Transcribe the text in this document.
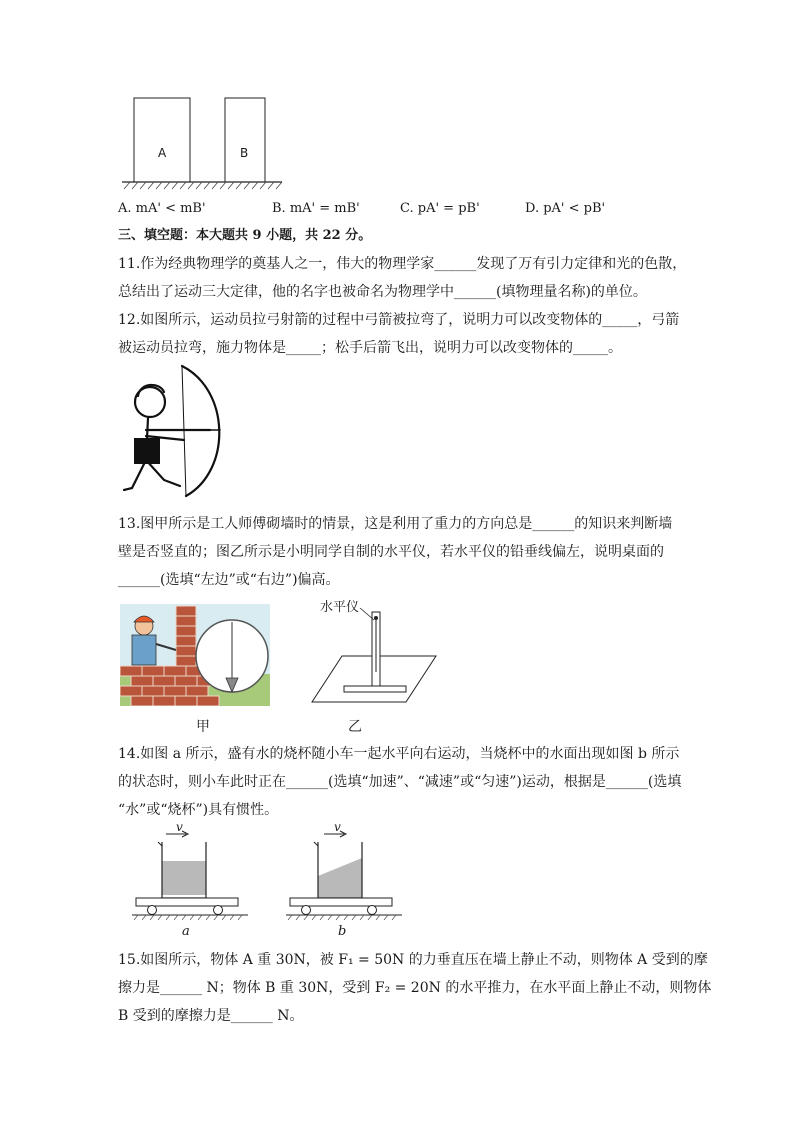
A	B
A. mA' < mB'	B. mA' = mB'	C. pA' = pB'	D. pA' < pB'
三、填空题：本大题共 9 小题，共 22 分。
11.作为经典物理学的奠基人之一，伟大的物理学家______发现了万有引力定律和光的色散，
总结出了运动三大定律，他的名字也被命名为物理学中______(填物理量名称)的单位。
12.如图所示，运动员拉弓射箭的过程中弓箭被拉弯了，说明力可以改变物体的_____，弓箭
被运动员拉弯，施力物体是_____；松手后箭飞出，说明力可以改变物体的_____。
13.图甲所示是工人师傅砌墙时的情景，这是利用了重力的方向总是______的知识来判断墙
壁是否竖直的；图乙所示是小明同学自制的水平仪，若水平仪的铅垂线偏左，说明桌面的
______(选填“左边”或“右边”)偏高。
甲
水平仪
乙
14.如图 a 所示，盛有水的烧杯随小车一起水平向右运动，当烧杯中的水面出现如图 b 所示
的状态时，则小车此时正在______(选填“加速”、“减速”或“匀速”)运动，根据是______(选填
“水”或“烧杯”)具有惯性。
v
a
v
b
15.如图所示，物体 A 重 30N，被 F₁ = 50N 的力垂直压在墙上静止不动，则物体 A 受到的摩
擦力是______ N；物体 B 重 30N，受到 F₂ = 20N 的水平推力，在水平面上静止不动，则物体
B 受到的摩擦力是______ N。
